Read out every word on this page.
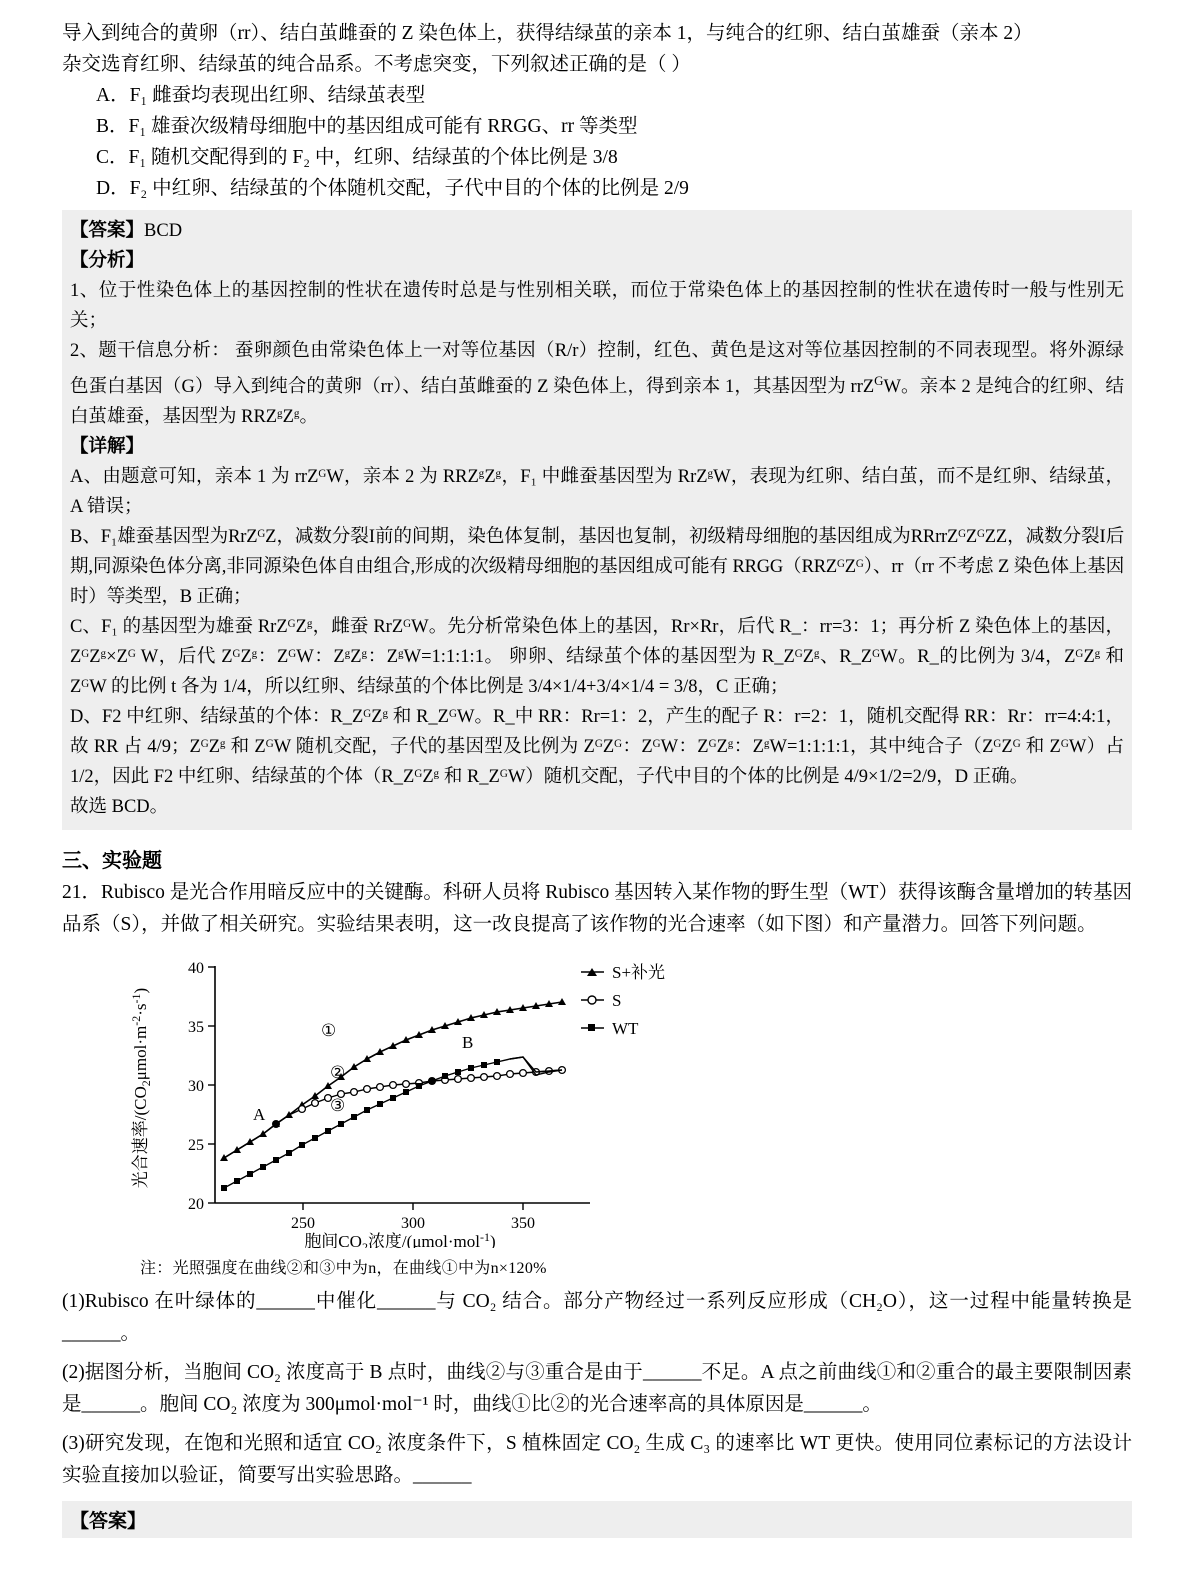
导入到纯合的黄卵（rr）、结白茧雌蚕的 Z 染色体上，获得结绿茧的亲本 1，与纯合的红卵、结白茧雄蚕（亲本 2）

杂交选育红卵、结绿茧的纯合品系。不考虑突变，下列叙述正确的是（ ）

A．F₁ 雌蚕均表现出红卵、结绿茧表型

B．F₁ 雄蚕次级精母细胞中的基因组成可能有 RRGG、rr 等类型

C．F₁ 随机交配得到的 F₂ 中，红卵、结绿茧的个体比例是 3/8

D．F₂ 中红卵、结绿茧的个体随机交配，子代中目的个体的比例是 2/9

【答案】BCD

【分析】

1、位于性染色体上的基因控制的性状在遗传时总是与性别相关联，而位于常染色体上的基因控制的性状在遗传时一般与性别无关；

2、题干信息分析： 蚕卵颜色由常染色体上一对等位基因（R/r）控制，红色、黄色是这对等位基因控制的不同表现型。将外源绿色蛋白基因（G）导入到纯合的黄卵（rr）、结白茧雌蚕的 Z 染色体上，得到亲本 1，其基因型为 rrZ$^G$W。亲本 2 是纯合的红卵、结白茧雄蚕，基因型为 RRZᵍZᵍ。

【详解】

A、由题意可知，亲本 1 为 rrZᴳW，亲本 2 为 RRZᵍZᵍ，F₁ 中雌蚕基因型为 RrZᵍW，表现为红卵、结白茧，而不是红卵、结绿茧，A 错误；

B、F₁雄蚕基因型为RrZᴳZ，减数分裂I前的间期，染色体复制，基因也复制，初级精母细胞的基因组成为RRrrZᴳZᴳZZ，减数分裂I后期,同源染色体分离,非同源染色体自由组合,形成的次级精母细胞的基因组成可能有 RRGG（RRZᴳZᴳ）、rr（rr 不考虑 Z 染色体上基因时）等类型，B 正确；

C、F₁ 的基因型为雄蚕 RrZᴳZᵍ，雌蚕 RrZᴳW。先分析常染色体上的基因，Rr×Rr，后代 R_：rr=3：1；再分析 Z 染色体上的基因，ZᴳZᵍ×Zᴳ W，后代 ZᴳZᵍ：ZᴳW：ZᵍZᵍ：ZᵍW=1:1:1:1。 卵卵、结绿茧个体的基因型为 R_ZᴳZᵍ、R_ZᴳW。R_的比例为 3/4，ZᴳZᵍ 和 ZᴳW 的比例 t 各为 1/4，所以红卵、结绿茧的个体比例是 3/4×1/4+3/4×1/4 = 3/8，C 正确；

D、F2 中红卵、结绿茧的个体：R_ZᴳZᵍ 和 R_ZᴳW。R_中 RR：Rr=1：2，产生的配子 R：r=2：1，随机交配得 RR：Rr：rr=4:4:1，故 RR 占 4/9；ZᴳZᵍ 和 ZᴳW 随机交配，子代的基因型及比例为 ZᴳZᴳ：ZᴳW：ZᴳZᵍ：ZᵍW=1:1:1:1，其中纯合子（ZᴳZᴳ 和 ZᴳW）占 1/2，因此 F2 中红卵、结绿茧的个体（R_ZᴳZᵍ 和 R_ZᴳW）随机交配，子代中目的个体的比例是 4/9×1/2=2/9，D 正确。

故选 BCD。

三、实验题

21．Rubisco 是光合作用暗反应中的关键酶。科研人员将 Rubisco 基因转入某作物的野生型（WT）获得该酶含量增加的转基因品系（S），并做了相关研究。实验结果表明，这一改良提高了该作物的光合速率（如下图）和产量潜力。回答下列问题。

20
25
30
35
40
250	300	350
光合速率$/(CO_2\mu mol\cdot m^{-2}\cdot s^{-1})$
胞间$CO_2$浓度/(μmol·mol$^{-1}$)
A
B
①
②
③
S+补光
S
WT

注：光照强度在曲线②和③中为n，在曲线①中为n×120%

(1)Rubisco 在叶绿体的______中催化______与 CO₂ 结合。部分产物经过一系列反应形成（CH₂O），这一过程中能量转换是______。

(2)据图分析，当胞间 CO₂ 浓度高于 B 点时，曲线②与③重合是由于______不足。A 点之前曲线①和②重合的最主要限制因素是______。胞间 CO₂ 浓度为 300μmol·mol⁻¹ 时，曲线①比②的光合速率高的具体原因是______。

(3)研究发现，在饱和光照和适宜 CO₂ 浓度条件下，S 植株固定 CO₂ 生成 C₃ 的速率比 WT 更快。使用同位素标记的方法设计实验直接加以验证，简要写出实验思路。______

【答案】
